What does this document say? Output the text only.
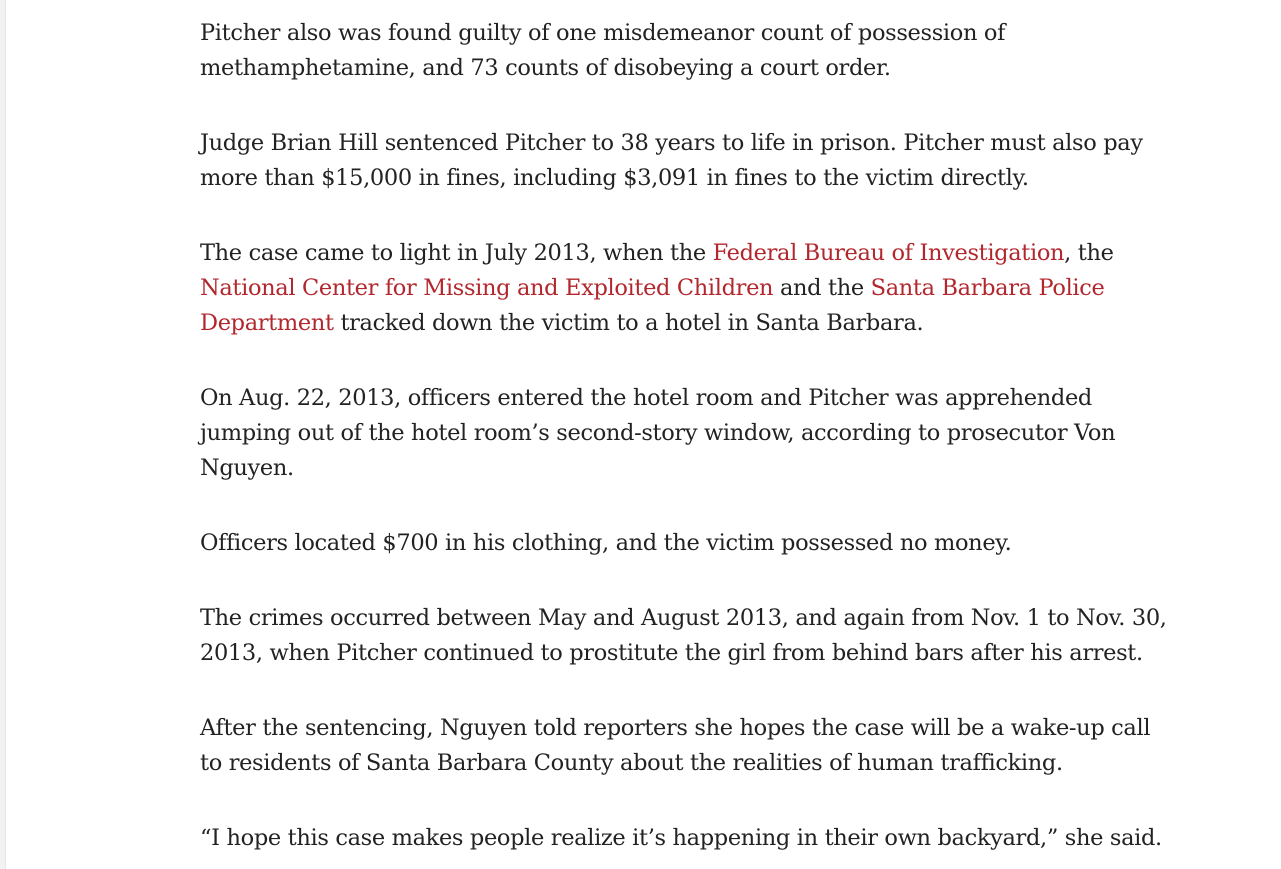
Pitcher also was found guilty of one misdemeanor count of possession of methamphetamine, and 73 counts of disobeying a court order.

Judge Brian Hill sentenced Pitcher to 38 years to life in prison. Pitcher must also pay more than $15,000 in fines, including $3,091 in fines to the victim directly.

The case came to light in July 2013, when the Federal Bureau of Investigation, the National Center for Missing and Exploited Children and the Santa Barbara Police Department tracked down the victim to a hotel in Santa Barbara.

On Aug. 22, 2013, officers entered the hotel room and Pitcher was apprehended jumping out of the hotel room’s second-story window, according to prosecutor Von Nguyen.

Officers located $700 in his clothing, and the victim possessed no money.

The crimes occurred between May and August 2013, and again from Nov. 1 to Nov. 30, 2013, when Pitcher continued to prostitute the girl from behind bars after his arrest.

After the sentencing, Nguyen told reporters she hopes the case will be a wake-up call to residents of Santa Barbara County about the realities of human trafficking.

“I hope this case makes people realize it’s happening in their own backyard,” she said.
